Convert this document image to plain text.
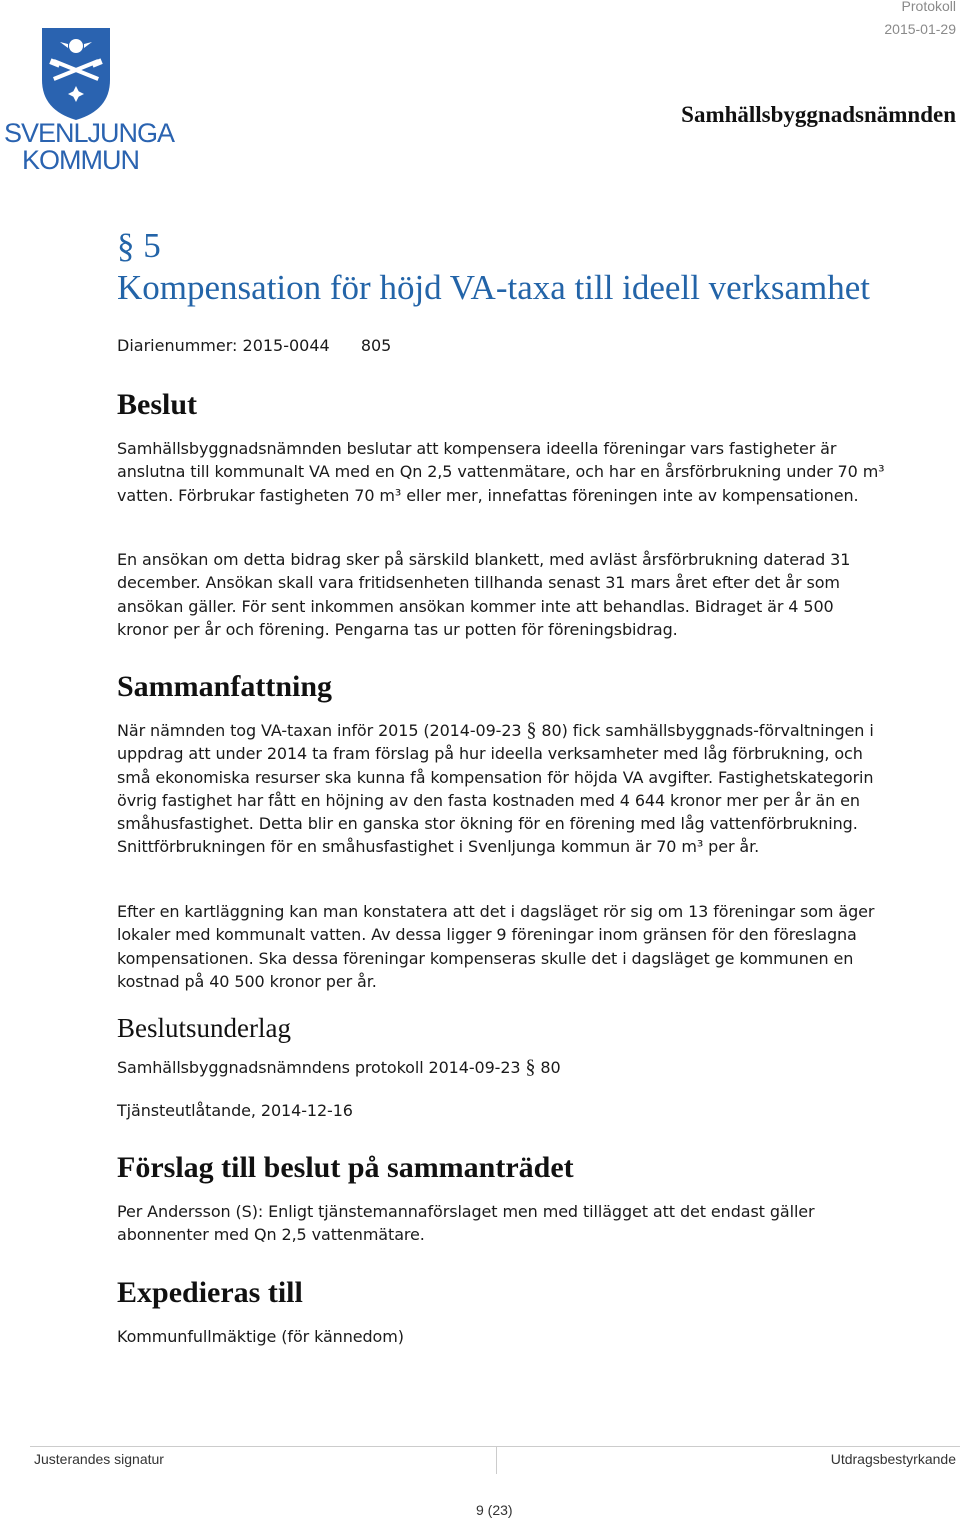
SVENLJUNGA
KOMMUN
Protokoll
2015-01-29
Samhällsbyggnadsnämnden
§ 5
Kompensation för höjd VA-taxa till ideell verksamhet
Diarienummer: 2015-0044 805
Beslut

Samhällsbyggnadsnämnden beslutar att kompensera ideella föreningar vars fastigheter är anslutna till kommunalt VA med en Qn 2,5 vattenmätare, och har en årsförbrukning under 70 m³ vatten. Förbrukar fastigheten 70 m³ eller mer, innefattas föreningen inte av kompensationen.

En ansökan om detta bidrag sker på särskild blankett, med avläst årsförbrukning daterad 31 december. Ansökan skall vara fritidsenheten tillhanda senast 31 mars året efter det år som ansökan gäller. För sent inkommen ansökan kommer inte att behandlas. Bidraget är 4 500 kronor per år och förening. Pengarna tas ur potten för föreningsbidrag.

Sammanfattning

När nämnden tog VA-taxan inför 2015 (2014-09-23 § 80) fick samhällsbyggnads-förvaltningen i uppdrag att under 2014 ta fram förslag på hur ideella verksamheter med låg förbrukning, och små ekonomiska resurser ska kunna få kompensation för höjda VA avgifter. Fastighetskategorin övrig fastighet har fått en höjning av den fasta kostnaden med 4 644 kronor mer per år än en småhusfastighet. Detta blir en ganska stor ökning för en förening med låg vattenförbrukning. Snittförbrukningen för en småhusfastighet i Svenljunga kommun är 70 m³ per år.

Efter en kartläggning kan man konstatera att det i dagsläget rör sig om 13 föreningar som äger lokaler med kommunalt vatten. Av dessa ligger 9 föreningar inom gränsen för den föreslagna kompensationen. Ska dessa föreningar kompenseras skulle det i dagsläget ge kommunen en kostnad på 40 500 kronor per år.

Beslutsunderlag
Samhällsbyggnadsnämndens protokoll 2014-09-23 § 80
Tjänsteutlåtande, 2014-12-16
Förslag till beslut på sammanträdet

Per Andersson (S): Enligt tjänstemannaförslaget men med tillägget att det endast gäller abonnenter med Qn 2,5 vattenmätare.

Expedieras till
Kommunfullmäktige (för kännedom)
Justerandes signatur	Utdragsbestyrkande
9 (23)
